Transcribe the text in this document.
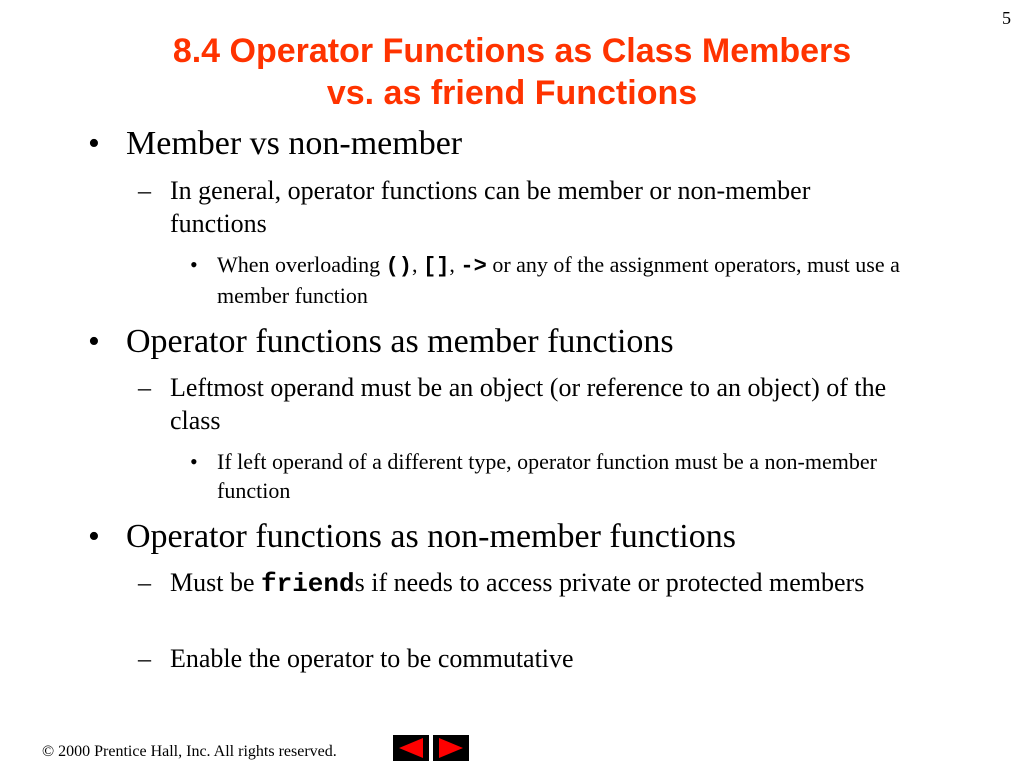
5
8.4 Operator Functions as Class Members
vs. as friend Functions
• Member vs non-member
– In general, operator functions can be member or non-member functions
• When overloading (), [], -> or any of the assignment operators, must use a member function
• Operator functions as member functions
– Leftmost operand must be an object (or reference to an object) of the class
• If left operand of a different type, operator function must be a non-member function
• Operator functions as non-member functions
– Must be friends if needs to access private or protected members
– Enable the operator to be commutative
© 2000 Prentice Hall, Inc. All rights reserved.
